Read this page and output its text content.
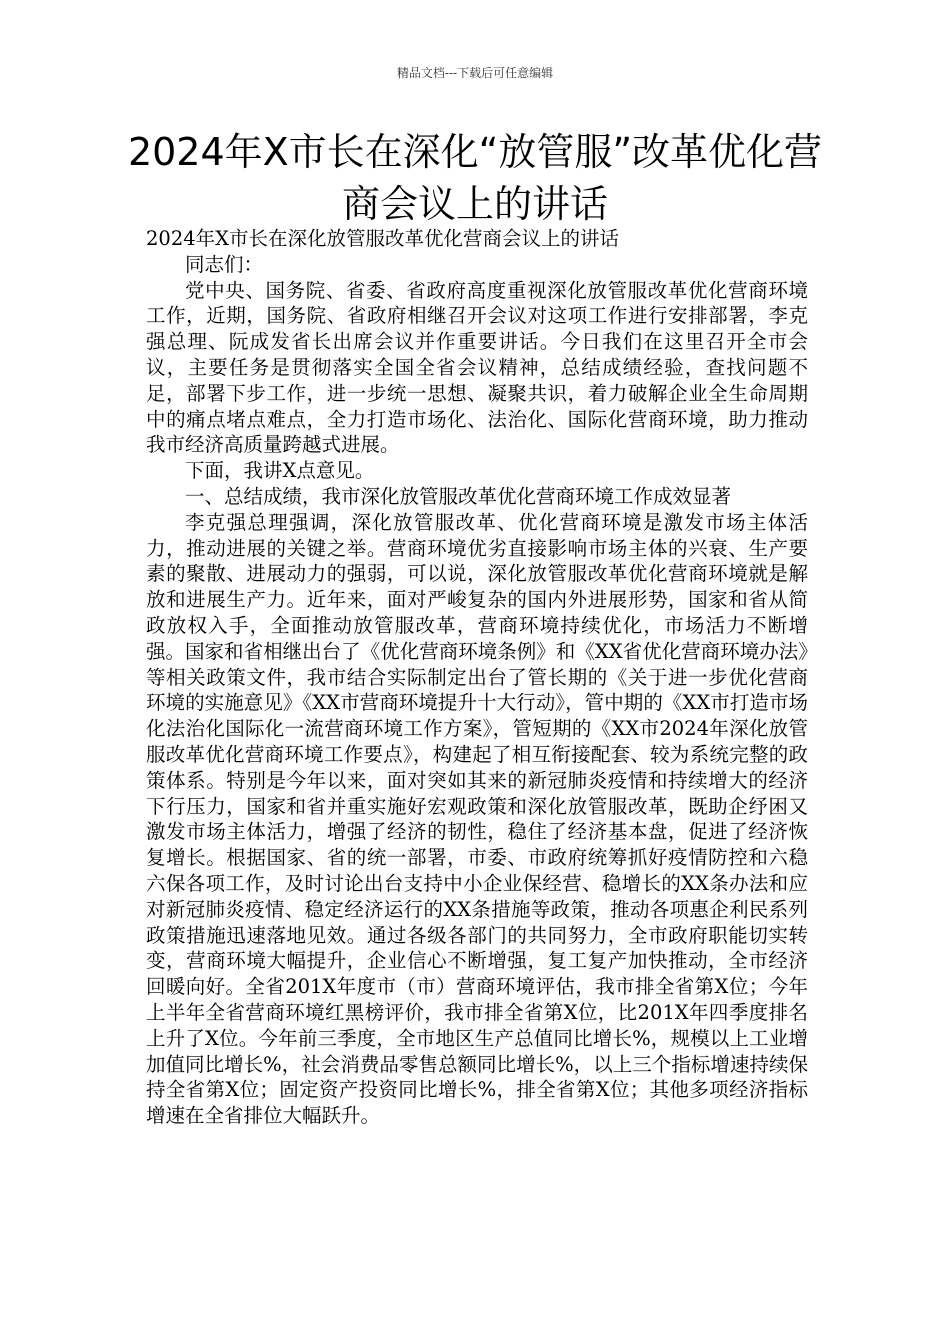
精品文档---下载后可任意编辑
2024年X市长在深化“放管服”改革优化营商会议上的讲话

2024年X市长在深化放管服改革优化营商会议上的讲话

同志们：

党中央、国务院、省委、省政府高度重视深化放管服改革优化营商环境工作，近期，国务院、省政府相继召开会议对这项工作进行安排部署，李克强总理、阮成发省长出席会议并作重要讲话。今日我们在这里召开全市会议，主要任务是贯彻落实全国全省会议精神，总结成绩经验，查找问题不足，部署下步工作，进一步统一思想、凝聚共识，着力破解企业全生命周期中的痛点堵点难点，全力打造市场化、法治化、国际化营商环境，助力推动我市经济高质量跨越式进展。

下面，我讲X点意见。

一、总结成绩，我市深化放管服改革优化营商环境工作成效显著

李克强总理强调，深化放管服改革、优化营商环境是激发市场主体活力，推动进展的关键之举。营商环境优劣直接影响市场主体的兴衰、生产要素的聚散、进展动力的强弱，可以说，深化放管服改革优化营商环境就是解放和进展生产力。近年来，面对严峻复杂的国内外进展形势，国家和省从简政放权入手，全面推动放管服改革，营商环境持续优化，市场活力不断增强。国家和省相继出台了《优化营商环境条例》和《XX省优化营商环境办法》等相关政策文件，我市结合实际制定出台了管长期的《关于进一步优化营商环境的实施意见》《XX市营商环境提升十大行动》，管中期的《XX市打造市场化法治化国际化一流营商环境工作方案》，管短期的《XX市2024年深化放管服改革优化营商环境工作要点》，构建起了相互衔接配套、较为系统完整的政策体系。特别是今年以来，面对突如其来的新冠肺炎疫情和持续增大的经济下行压力，国家和省并重实施好宏观政策和深化放管服改革，既助企纾困又激发市场主体活力，增强了经济的韧性，稳住了经济基本盘，促进了经济恢复增长。根据国家、省的统一部署，市委、市政府统筹抓好疫情防控和六稳六保各项工作，及时讨论出台支持中小企业保经营、稳增长的XX条办法和应对新冠肺炎疫情、稳定经济运行的XX条措施等政策，推动各项惠企利民系列政策措施迅速落地见效。通过各级各部门的共同努力，全市政府职能切实转变，营商环境大幅提升，企业信心不断增强，复工复产加快推动，全市经济回暖向好。全省201X年度市（市）营商环境评估，我市排全省第X位；今年上半年全省营商环境红黑榜评价，我市排全省第X位，比201X年四季度排名上升了X位。今年前三季度，全市地区生产总值同比增长%，规模以上工业增加值同比增长%，社会消费品零售总额同比增长%，以上三个指标增速持续保持全省第X位；固定资产投资同比增长%，排全省第X位；其他多项经济指标增速在全省排位大幅跃升。
